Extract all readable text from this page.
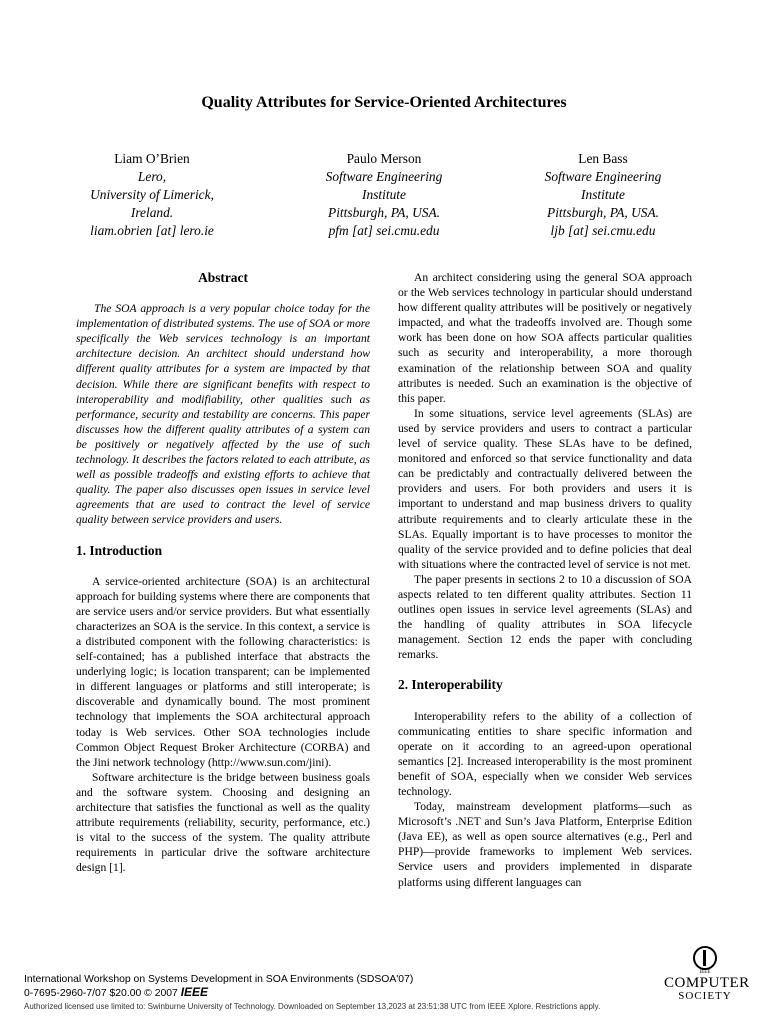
Quality Attributes for Service-Oriented Architectures
Liam O’Brien
Lero,
University of Limerick,
Ireland.
liam.obrien [at] lero.ie
Paulo Merson
Software Engineering
Institute
Pittsburgh, PA, USA.
pfm [at] sei.cmu.edu
Len Bass
Software Engineering
Institute
Pittsburgh, PA, USA.
ljb [at] sei.cmu.edu
Abstract

The SOA approach is a very popular choice today for the implementation of distributed systems. The use of SOA or more specifically the Web services technology is an important architecture decision. An architect should understand how different quality attributes for a system are impacted by that decision. While there are significant benefits with respect to interoperability and modifiability, other qualities such as performance, security and testability are concerns. This paper discusses how the different quality attributes of a system can be positively or negatively affected by the use of such technology. It describes the factors related to each attribute, as well as possible tradeoffs and existing efforts to achieve that quality. The paper also discusses open issues in service level agreements that are used to contract the level of service quality between service providers and users.

1. Introduction

A service-oriented architecture (SOA) is an architectural approach for building systems where there are components that are service users and/or service providers. But what essentially characterizes an SOA is the service. In this context, a service is a distributed component with the following characteristics: is self-contained; has a published interface that abstracts the underlying logic; is location transparent; can be implemented in different languages or platforms and still interoperate; is discoverable and dynamically bound. The most prominent technology that implements the SOA architectural approach today is Web services. Other SOA technologies include Common Object Request Broker Architecture (CORBA) and the Jini network technology (http://www.sun.com/jini).

Software architecture is the bridge between business goals and the software system. Choosing and designing an architecture that satisfies the functional as well as the quality attribute requirements (reliability, security, performance, etc.) is vital to the success of the system. The quality attribute requirements in particular drive the software architecture design [1].

An architect considering using the general SOA approach or the Web services technology in particular should understand how different quality attributes will be positively or negatively impacted, and what the tradeoffs involved are. Though some work has been done on how SOA affects particular qualities such as security and interoperability, a more thorough examination of the relationship between SOA and quality attributes is needed. Such an examination is the objective of this paper.

In some situations, service level agreements (SLAs) are used by service providers and users to contract a particular level of service quality. These SLAs have to be defined, monitored and enforced so that service functionality and data can be predictably and contractually delivered between the providers and users. For both providers and users it is important to understand and map business drivers to quality attribute requirements and to clearly articulate these in the SLAs. Equally important is to have processes to monitor the quality of the service provided and to define policies that deal with situations where the contracted level of service is not met.

The paper presents in sections 2 to 10 a discussion of SOA aspects related to ten different quality attributes. Section 11 outlines open issues in service level agreements (SLAs) and the handling of quality attributes in SOA lifecycle management. Section 12 ends the paper with concluding remarks.

2. Interoperability

Interoperability refers to the ability of a collection of communicating entities to share specific information and operate on it according to an agreed-upon operational semantics [2]. Increased interoperability is the most prominent benefit of SOA, especially when we consider Web services technology.

Today, mainstream development platforms—such as Microsoft’s .NET and Sun’s Java Platform, Enterprise Edition (Java EE), as well as open source alternatives (e.g., Perl and PHP)—provide frameworks to implement Web services. Service users and providers implemented in disparate platforms using different languages can

International Workshop on Systems Development in SOA Environments (SDSOA'07)
0-7695-2960-7/07 $20.00 © 2007 IEEE
Authorized licensed use limited to: Swinburne University of Technology. Downloaded on September 13,2023 at 23:51:38 UTC from IEEE Xplore. Restrictions apply.
IEEE
COMPUTER
SOCIETY
